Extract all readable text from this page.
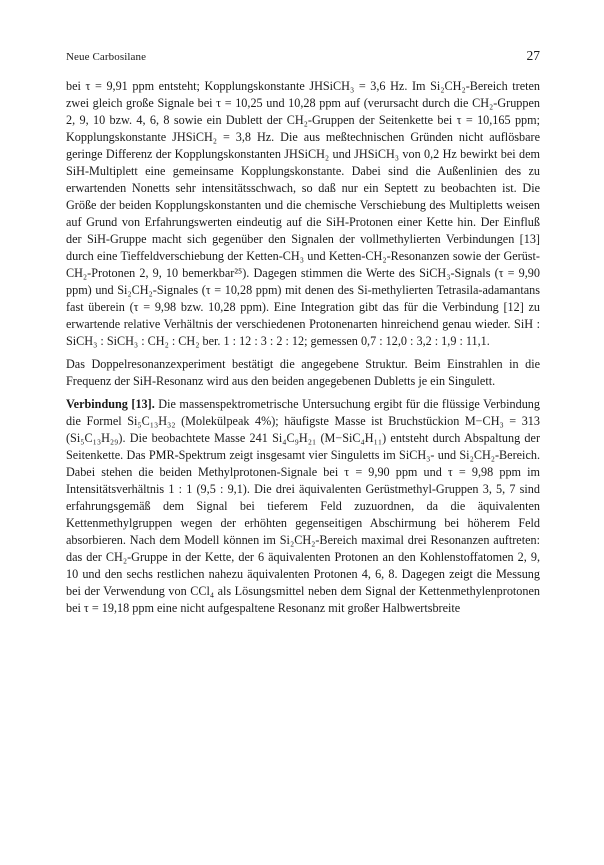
Neue Carbosilane	27

bei τ = 9,91 ppm entsteht; Kopplungskonstante JHSiCH₃ = 3,6 Hz. Im Si₂CH₂-Bereich treten zwei gleich große Signale bei τ = 10,25 und 10,28 ppm auf (verursacht durch die CH₂-Gruppen 2, 9, 10 bzw. 4, 6, 8 sowie ein Dublett der CH₂-Gruppen der Seitenkette bei τ = 10,165 ppm; Kopplungskonstante JHSiCH₂ = 3,8 Hz. Die aus meßtechnischen Gründen nicht auflösbare geringe Differenz der Kopplungskonstanten JHSiCH₂ und JHSiCH₃ von 0,2 Hz bewirkt bei dem SiH-Multiplett eine gemeinsame Kopplungskonstante. Dabei sind die Außenlinien des zu erwartenden Nonetts sehr intensitätsschwach, so daß nur ein Septett zu beobachten ist. Die Größe der beiden Kopplungskonstanten und die chemische Verschiebung des Multipletts weisen auf Grund von Erfahrungswerten eindeutig auf die SiH-Protonen einer Kette hin. Der Einfluß der SiH-Gruppe macht sich gegenüber den Signalen der vollmethylierten Verbindungen [13] durch eine Tieffeldverschiebung der Ketten-CH₃ und Ketten-CH₂-Resonanzen sowie der Gerüst-CH₂-Protonen 2, 9, 10 bemerkbar²⁵). Dagegen stimmen die Werte des SiCH₃-Signals (τ = 9,90 ppm) und Si₂CH₂-Signales (τ = 10,28 ppm) mit denen des Si-methylierten Tetrasila-adamantans fast überein (τ = 9,98 bzw. 10,28 ppm). Eine Integration gibt das für die Verbindung [12] zu erwartende relative Verhältnis der verschiedenen Protonenarten hinreichend genau wieder. SiH : SiCH₃ : SiCH₃ : CH₂ : CH₂ ber. 1 : 12 : 3 : 2 : 12; gemessen 0,7 : 12,0 : 3,2 : 1,9 : 11,1.

Das Doppelresonanzexperiment bestätigt die angegebene Struktur. Beim Einstrahlen in die Frequenz der SiH-Resonanz wird aus den beiden angegebenen Dubletts je ein Singulett.

Verbindung [13]. Die massenspektrometrische Untersuchung ergibt für die flüssige Verbindung die Formel Si₅C₁₃H₃₂ (Molekülpeak 4%); häufigste Masse ist Bruchstückion M−CH₃ = 313 (Si₅C₁₃H₂₉). Die beobachtete Masse 241 Si₄C₉H₂₁ (M−SiC₄H₁₁) entsteht durch Abspaltung der Seitenkette. Das PMR-Spektrum zeigt insgesamt vier Singuletts im SiCH₃- und Si₂CH₂-Bereich. Dabei stehen die beiden Methylprotonen-Signale bei τ = 9,90 ppm und τ = 9,98 ppm im Intensitätsverhältnis 1 : 1 (9,5 : 9,1). Die drei äquivalenten Gerüstmethyl-Gruppen 3, 5, 7 sind erfahrungsgemäß dem Signal bei tieferem Feld zuzuordnen, da die äquivalenten Kettenmethylgruppen wegen der erhöhten gegenseitigen Abschirmung bei höherem Feld absorbieren. Nach dem Modell können im Si₂CH₂-Bereich maximal drei Resonanzen auftreten: das der CH₂-Gruppe in der Kette, der 6 äquivalenten Protonen an den Kohlenstoffatomen 2, 9, 10 und den sechs restlichen nahezu äquivalenten Protonen 4, 6, 8. Dagegen zeigt die Messung bei der Verwendung von CCl₄ als Lösungsmittel neben dem Signal der Kettenmethylenprotonen bei τ = 19,18 ppm eine nicht aufgespaltene Resonanz mit großer Halbwertsbreite
